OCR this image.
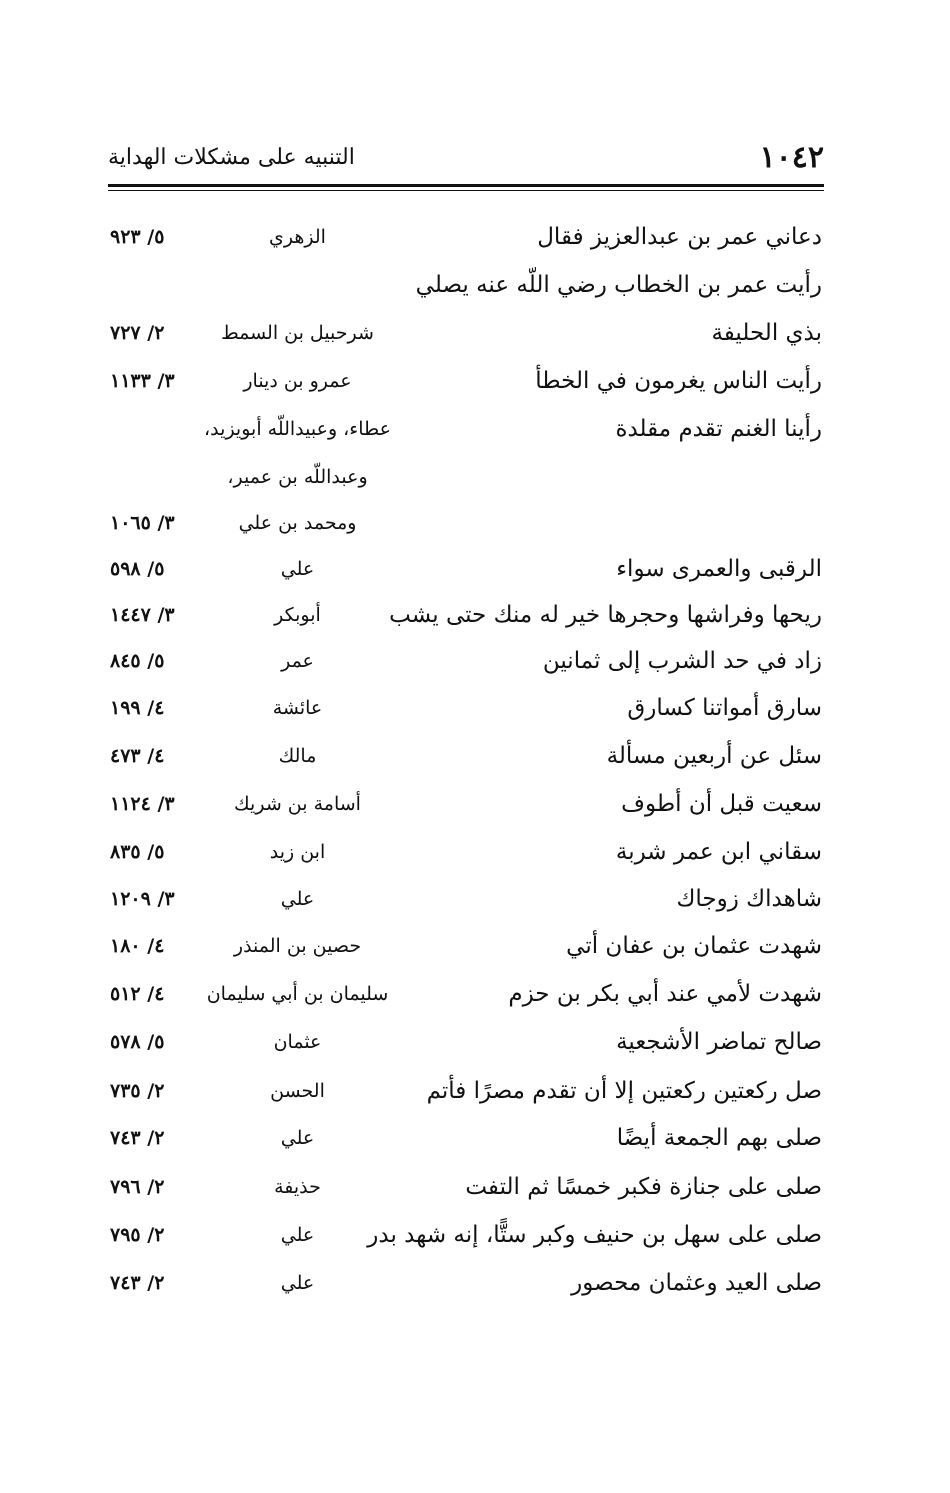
١٠٤٢
التنبيه على مشكلات الهداية
دعاني عمر بن عبدالعزيز فقال
الزهري
٥/ ٩٢٣
رأيت عمر بن الخطاب رضي اللّه عنه يصلي
بذي الحليفة
شرحبيل بن السمط
٢/ ٧٢٧
رأيت الناس يغرمون في الخطأ
عمرو بن دينار
٣/ ١١٣٣
رأينا الغنم تقدم مقلدة
عطاء، وعبيداللّه أبويزيد،
وعبداللّه بن عمير،
ومحمد بن علي
٣/ ١٠٦٥
الرقبى والعمرى سواء
علي
٥/ ٥٩٨
ريحها وفراشها وحجرها خير له منك حتى يشب
أبوبكر
٣/ ١٤٤٧
زاد في حد الشرب إلى ثمانين
عمر
٥/ ٨٤٥
سارق أمواتنا كسارق
عائشة
٤/ ١٩٩
سئل عن أربعين مسألة
مالك
٤/ ٤٧٣
سعيت قبل أن أطوف
أسامة بن شريك
٣/ ١١٢٤
سقاني ابن عمر شربة
ابن زيد
٥/ ٨٣٥
شاهداك زوجاك
علي
٣/ ١٢٠٩
شهدت عثمان بن عفان أتي
حصين بن المنذر
٤/ ١٨٠
شهدت لأمي عند أبي بكر بن حزم
سليمان بن أبي سليمان
٤/ ٥١٢
صالح تماضر الأشجعية
عثمان
٥/ ٥٧٨
صل ركعتين ركعتين إلا أن تقدم مصرًا فأتم
الحسن
٢/ ٧٣٥
صلى بهم الجمعة أيضًا
علي
٢/ ٧٤٣
صلى على جنازة فكبر خمسًا ثم التفت
حذيفة
٢/ ٧٩٦
صلى على سهل بن حنيف وكبر ستًّا، إنه شهد بدر
علي
٢/ ٧٩٥
صلى العيد وعثمان محصور
علي
٢/ ٧٤٣
